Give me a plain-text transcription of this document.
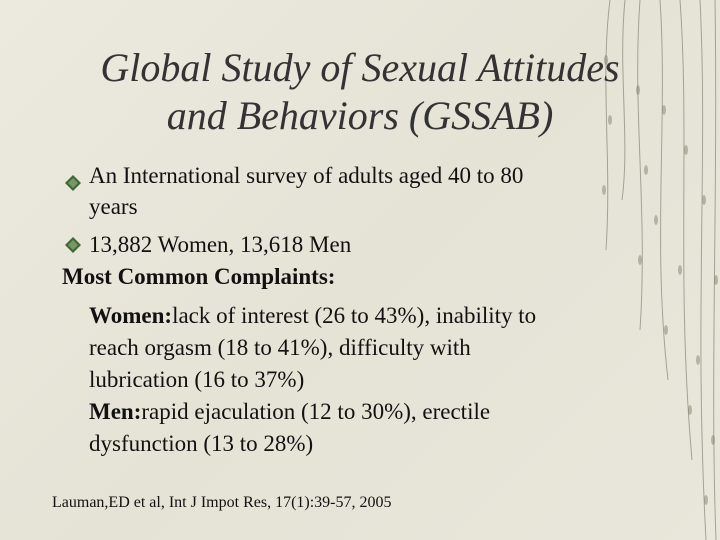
Global Study of Sexual Attitudes
and Behaviors (GSSAB)
An International survey of adults aged 40 to 80
years
13,882 Women, 13,618 Men
Most Common Complaints:
Women:lack of interest (26 to 43%), inability to
reach orgasm (18 to 41%), difficulty with
lubrication (16 to 37%)
Men:rapid ejaculation (12 to 30%), erectile
dysfunction (13 to 28%)
Lauman,ED et al, Int J Impot Res, 17(1):39-57, 2005
